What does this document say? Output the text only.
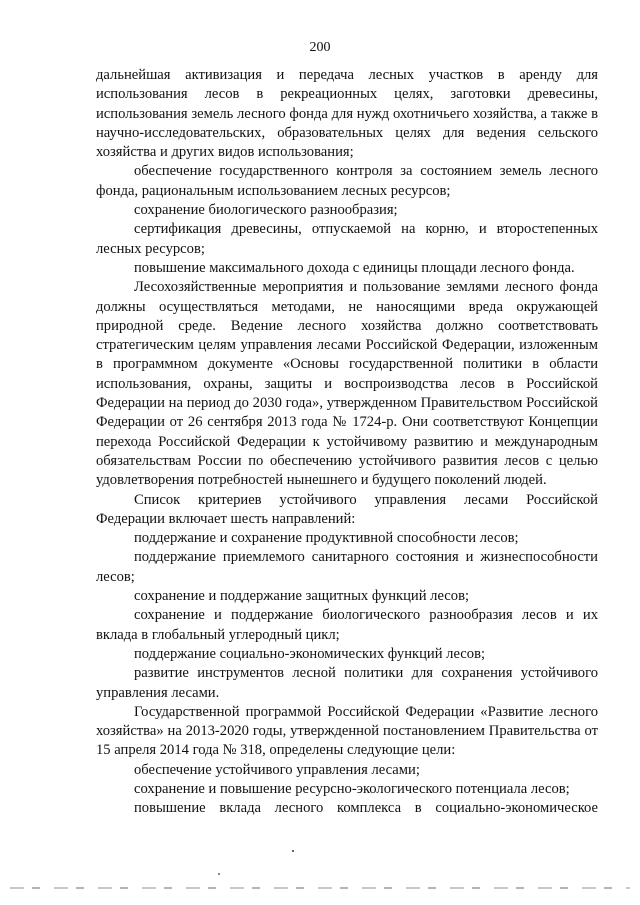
200

дальнейшая активизация и передача лесных участков в аренду для использования лесов в рекреационных целях, заготовки древесины, использования земель лесного фонда для нужд охотничьего хозяйства, а также в научно-исследовательских, образовательных целях для ведения сельского хозяйства и других видов использования;

обеспечение государственного контроля за состоянием земель лесного фонда, рациональным использованием лесных ресурсов;

сохранение биологического разнообразия;

сертификация древесины, отпускаемой на корню, и второстепенных лесных ресурсов;

повышение максимального дохода с единицы площади лесного фонда.

Лесохозяйственные мероприятия и пользование землями лесного фонда должны осуществляться методами, не наносящими вреда окружающей природной среде. Ведение лесного хозяйства должно соответствовать стратегическим целям управления лесами Российской Федерации, изложенным в программном документе «Основы государственной политики в области использования, охраны, защиты и воспроизводства лесов в Российской Федерации на период до 2030 года», утвержденном Правительством Российской Федерации от 26 сентября 2013 года № 1724-р. Они соответствуют Концепции перехода Российской Федерации к устойчивому развитию и международным обязательствам России по обеспечению устойчивого развития лесов с целью удовлетворения потребностей нынешнего и будущего поколений людей.

Список критериев устойчивого управления лесами Российской Федерации включает шесть направлений:

поддержание и сохранение продуктивной способности лесов;

поддержание приемлемого санитарного состояния и жизнеспособности лесов;

сохранение и поддержание защитных функций лесов;

сохранение и поддержание биологического разнообразия лесов и их вклада в глобальный углеродный цикл;

поддержание социально-экономических функций лесов;

развитие инструментов лесной политики для сохранения устойчивого управления лесами.

Государственной программой Российской Федерации «Развитие лесного хозяйства» на 2013-2020 годы, утвержденной постановлением Правительства от 15 апреля 2014 года № 318, определены следующие цели:

обеспечение устойчивого управления лесами;

сохранение и повышение ресурсно-экологического потенциала лесов;

повышение вклада лесного комплекса в социально-экономическое
